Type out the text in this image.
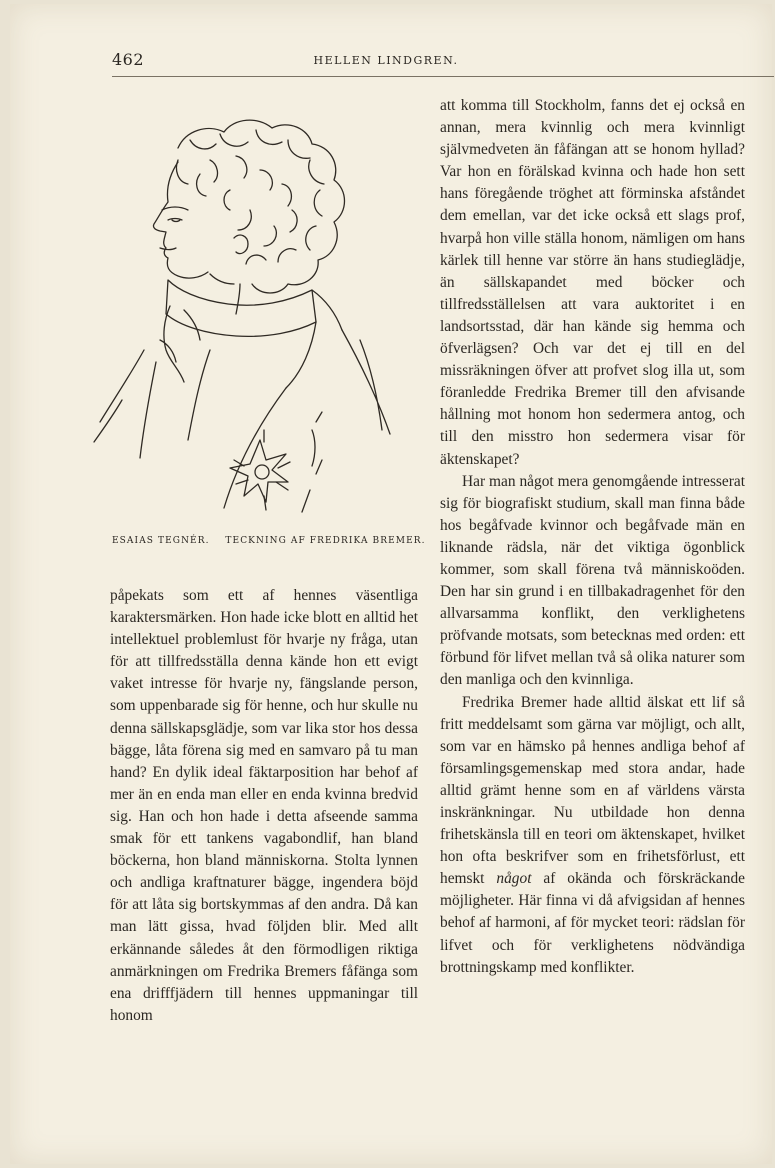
462	HELLEN LINDGREN.
ESAIAS TEGNÉR. TECKNING AF FREDRIKA BREMER.

påpekats som ett af hennes väsentliga karaktersmärken. Hon hade icke blott en alltid het intellektuel problemlust för hvarje ny fråga, utan för att tillfredsställa denna kände hon ett evigt vaket intresse för hvarje ny, fängslande person, som uppenbarade sig för henne, och hur skulle nu denna sällskapsglädje, som var lika stor hos dessa bägge, låta förena sig med en samvaro på tu man hand? En dylik ideal fäktarposition har behof af mer än en enda man eller en enda kvinna bredvid sig. Han och hon hade i detta afseende samma smak för ett tankens vagabondlif, han bland böckerna, hon bland människorna. Stolta lynnen och andliga kraftnaturer bägge, ingendera böjd för att låta sig bortskymmas af den andra. Då kan man lätt gissa, hvad följden blir. Med allt erkännande således åt den förmodligen riktiga anmärkningen om Fredrika Bremers fåfänga som ena drifffjädern till hennes uppmaningar till honom

att komma till Stockholm, fanns det ej också en annan, mera kvinnlig och mera kvinnligt självmedveten än fåfängan att se honom hyllad? Var hon en förälskad kvinna och hade hon sett hans föregående tröghet att förminska afståndet dem emellan, var det icke också ett slags prof, hvarpå hon ville ställa honom, nämligen om hans kärlek till henne var större än hans studieglädje, än sällskapandet med böcker och tillfredsställelsen att vara auktoritet i en landsortsstad, där han kände sig hemma och öfverlägsen? Och var det ej till en del missräkningen öfver att profvet slog illa ut, som föranledde Fredrika Bremer till den afvisande hållning mot honom hon sedermera antog, och till den misstro hon sedermera visar för äktenskapet?

Har man något mera genomgående intresserat sig för biografiskt studium, skall man finna både hos begåfvade kvinnor och begåfvade män en liknande rädsla, när det viktiga ögonblick kommer, som skall förena två människoöden. Den har sin grund i en tillbakadragenhet för den allvarsamma konflikt, den verklighetens pröfvande motsats, som betecknas med orden: ett förbund för lifvet mellan två så olika naturer som den manliga och den kvinnliga.

Fredrika Bremer hade alltid älskat ett lif så fritt meddelsamt som gärna var möjligt, och allt, som var en hämsko på hennes andliga behof af församlingsgemenskap med stora andar, hade alltid grämt henne som en af världens värsta inskränkningar. Nu utbildade hon denna frihetskänsla till en teori om äktenskapet, hvilket hon ofta beskrifver som en frihetsförlust, ett hemskt något af okända och förskräckande möjligheter. Här finna vi då afvigsidan af hennes behof af harmoni, af för mycket teori: rädslan för lifvet och för verklighetens nödvändiga brottningskamp med konflikter.
